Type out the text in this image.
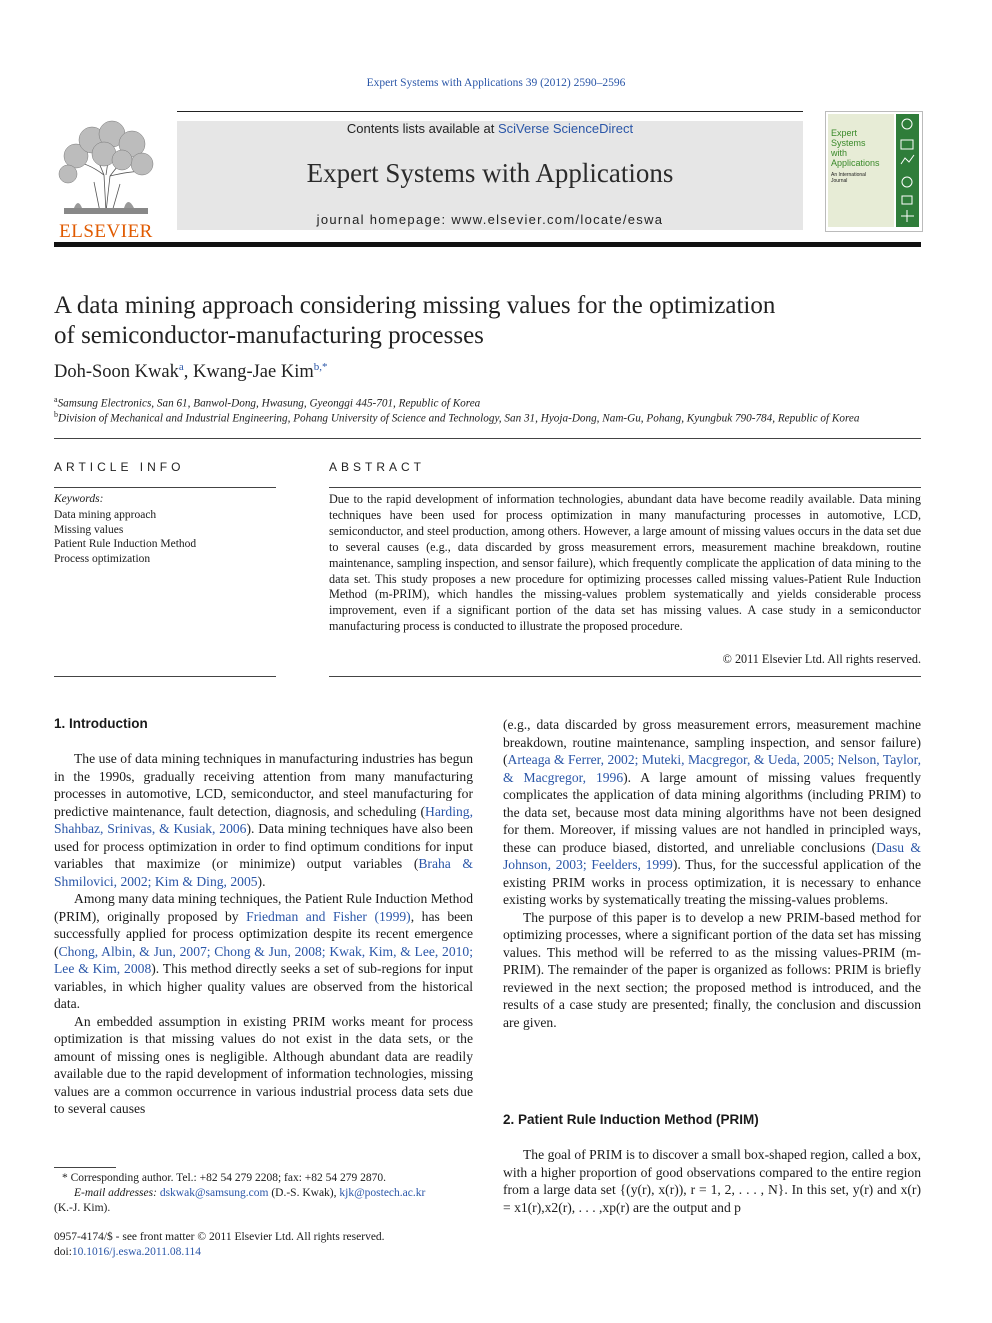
Expert Systems with Applications 39 (2012) 2590–2596
Contents lists available at SciVerse ScienceDirect
Expert Systems with Applications
journal homepage: www.elsevier.com/locate/eswa
ELSEVIER
Expert
Systems
with
Applications
An International
Journal
A data mining approach considering missing values for the optimization
of semiconductor-manufacturing processes
Doh-Soon Kwak$^a$, Kwang-Jae Kim$^{b,*}$
$^a$Samsung Electronics, San 61, Banwol-Dong, Hwasung, Gyeonggi 445-701, Republic of Korea
$^b$Division of Mechanical and Industrial Engineering, Pohang University of Science and Technology, San 31, Hyoja-Dong, Nam-Gu, Pohang, Kyungbuk 790-784, Republic of Korea
ARTICLE INFO
Keywords:
Data mining approach
Missing values
Patient Rule Induction Method
Process optimization
ABSTRACT
Due to the rapid development of information technologies, abundant data have become readily available. Data mining techniques have been used for process optimization in many manufacturing processes in automotive, LCD, semiconductor, and steel production, among others. However, a large amount of missing values occurs in the data set due to several causes (e.g., data discarded by gross measurement errors, measurement machine breakdown, routine maintenance, sampling inspection, and sensor failure), which frequently complicate the application of data mining to the data set. This study proposes a new procedure for optimizing processes called missing values-Patient Rule Induction Method (m-PRIM), which handles the missing-values problem systematically and yields considerable process improvement, even if a significant portion of the data set has missing values. A case study in a semiconductor manufacturing process is conducted to illustrate the proposed procedure.
© 2011 Elsevier Ltd. All rights reserved.
1. Introduction

The use of data mining techniques in manufacturing industries has begun in the 1990s, gradually receiving attention from many manufacturing processes in automotive, LCD, semiconductor, and steel manufacturing for predictive maintenance, fault detection, diagnosis, and scheduling (Harding, Shahbaz, Srinivas, & Kusiak, 2006). Data mining techniques have also been used for process optimization in order to find optimum conditions for input variables that maximize (or minimize) output variables (Braha & Shmilovici, 2002; Kim & Ding, 2005).

Among many data mining techniques, the Patient Rule Induction Method (PRIM), originally proposed by Friedman and Fisher (1999), has been successfully applied for process optimization despite its recent emergence (Chong, Albin, & Jun, 2007; Chong & Jun, 2008; Kwak, Kim, & Lee, 2010; Lee & Kim, 2008). This method directly seeks a set of sub-regions for input variables, in which higher quality values are observed from the historical data.

An embedded assumption in existing PRIM works meant for process optimization is that missing values do not exist in the data sets, or the amount of missing ones is negligible. Although abundant data are readily available due to the rapid development of information technologies, missing values are a common occurrence in various industrial process data sets due to several causes

* Corresponding author. Tel.: +82 54 279 2208; fax: +82 54 279 2870.
E-mail addresses: dskwak@samsung.com (D.-S. Kwak), kjk@postech.ac.kr
(K.-J. Kim).
0957-4174/$ - see front matter © 2011 Elsevier Ltd. All rights reserved.
doi:10.1016/j.eswa.2011.08.114

(e.g., data discarded by gross measurement errors, measurement machine breakdown, routine maintenance, sampling inspection, and sensor failure) (Arteaga & Ferrer, 2002; Muteki, Macgregor, & Ueda, 2005; Nelson, Taylor, & Macgregor, 1996). A large amount of missing values frequently complicates the application of data mining algorithms (including PRIM) to the data set, because most data mining algorithms have not been designed for them. Moreover, if missing values are not handled in principled ways, these can produce biased, distorted, and unreliable conclusions (Dasu & Johnson, 2003; Feelders, 1999). Thus, for the successful application of the existing PRIM works in process optimization, it is necessary to enhance existing works by systematically treating the missing-values problems.

The purpose of this paper is to develop a new PRIM-based method for optimizing processes, where a significant portion of the data set has missing values. This method will be referred to as the missing values-PRIM (m-PRIM). The remainder of the paper is organized as follows: PRIM is briefly reviewed in the next section; the proposed method is introduced, and the results of a case study are presented; finally, the conclusion and discussion are given.

2. Patient Rule Induction Method (PRIM)

The goal of PRIM is to discover a small box-shaped region, called a box, with a higher proportion of good observations compared to the entire region from a large data set {(y(r), x(r)), r = 1, 2, . . . , N}. In this set, y(r) and x(r) = x1(r),x2(r), . . . ,xp(r) are the output and p
